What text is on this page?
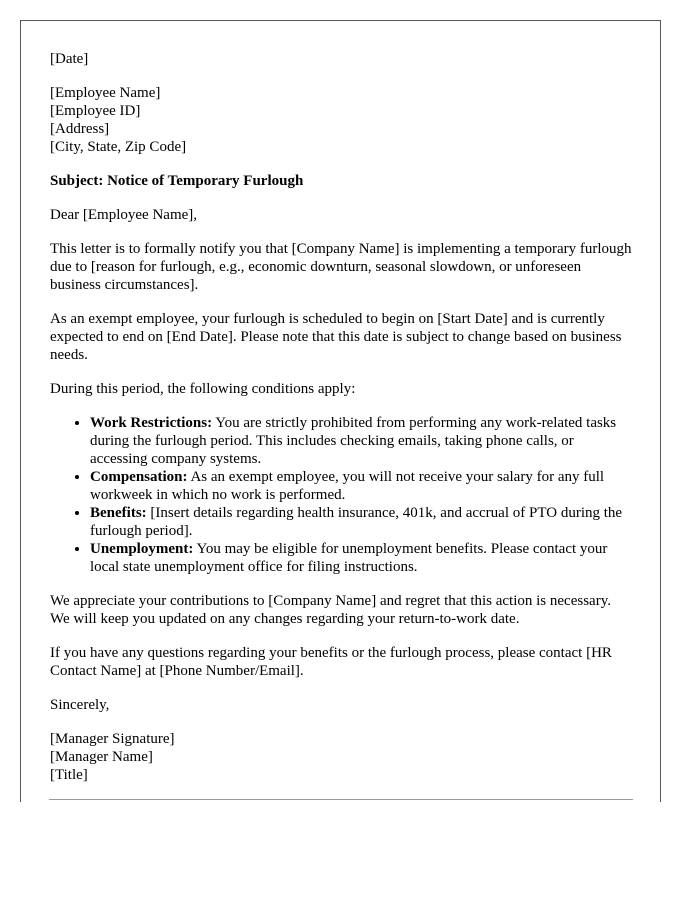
[Date]

[Employee Name]
[Employee ID]
[Address]
[City, State, Zip Code]

Subject: Notice of Temporary Furlough

Dear [Employee Name],

This letter is to formally notify you that [Company Name] is implementing a temporary furlough due to [reason for furlough, e.g., economic downturn, seasonal slowdown, or unforeseen business circumstances].

As an exempt employee, your furlough is scheduled to begin on [Start Date] and is currently expected to end on [End Date]. Please note that this date is subject to change based on business needs.

During this period, the following conditions apply:

• Work Restrictions: You are strictly prohibited from performing any work-related tasks during the furlough period. This includes checking emails, taking phone calls, or accessing company systems.
• Compensation: As an exempt employee, you will not receive your salary for any full workweek in which no work is performed.
• Benefits: [Insert details regarding health insurance, 401k, and accrual of PTO during the furlough period].
• Unemployment: You may be eligible for unemployment benefits. Please contact your local state unemployment office for filing instructions.

We appreciate your contributions to [Company Name] and regret that this action is necessary. We will keep you updated on any changes regarding your return-to-work date.

If you have any questions regarding your benefits or the furlough process, please contact [HR Contact Name] at [Phone Number/Email].

Sincerely,

[Manager Signature]
[Manager Name]
[Title]
